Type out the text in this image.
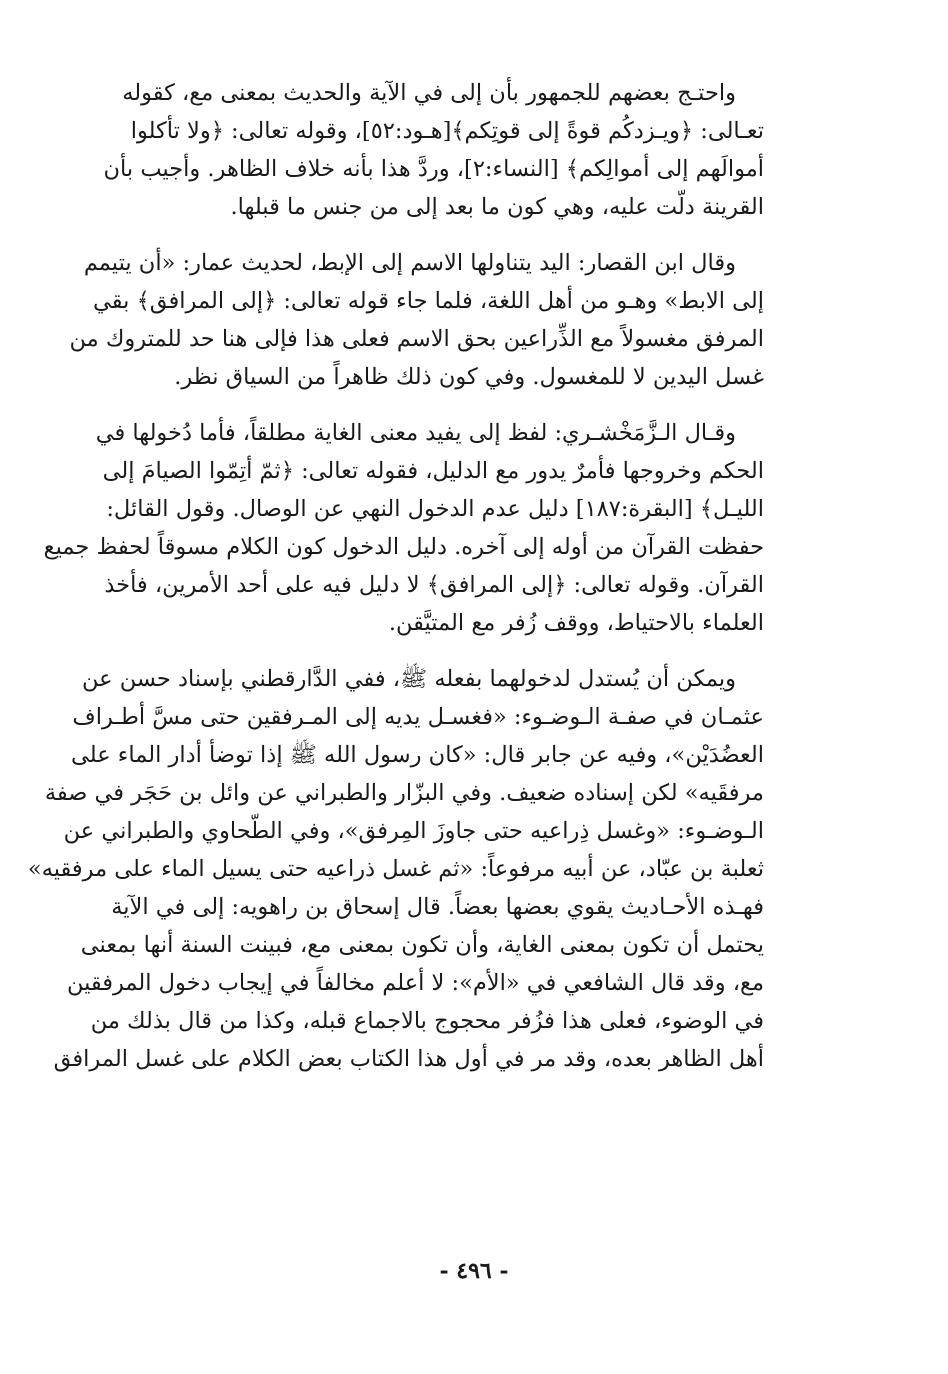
واحتـج بعضهم للجمهور بأن إلى في الآية والحديث بمعنى مع، كقوله
تعـالى: ﴿ويـزدكُم قوةً إلى قوتِكم﴾[هـود:٥٢]، وقوله تعالى: ﴿ولا تأكلوا
أموالَهم إلى أموالِكم﴾ [النساء:٢]، وردَّ هذا بأنه خلاف الظاهر. وأجيب بأن
القرينة دلّت عليه، وهي كون ما بعد إلى من جنس ما قبلها.
وقال ابن القصار: اليد يتناولها الاسم إلى الإبط، لحديث عمار: «أن يتيمم
إلى الابط» وهـو من أهل اللغة، فلما جاء قوله تعالى: ﴿إلى المرافق﴾ بقي
المرفق مغسولاً مع الذِّراعين بحق الاسم فعلى هذا فإلى هنا حد للمتروك من
غسل اليدين لا للمغسول. وفي كون ذلك ظاهراً من السياق نظر.
وقـال الـزَّمَخْشـري: لفظ إلى يفيد معنى الغاية مطلقاً، فأما دُخولها في
الحكم وخروجها فأمرٌ يدور مع الدليل، فقوله تعالى: ﴿ثمّ أتِمّوا الصيامَ إلى
الليـل﴾ [البقرة:١٨٧] دليل عدم الدخول النهي عن الوصال. وقول القائل:
حفظت القرآن من أوله إلى آخره. دليل الدخول كون الكلام مسوقاً لحفظ جميع
القرآن. وقوله تعالى: ﴿إلى المرافق﴾ لا دليل فيه على أحد الأمرين، فأخذ
العلماء بالاحتياط، ووقف زُفر مع المتيَّقن.
ويمكن أن يُستدل لدخولهما بفعله ﷺ، ففي الدَّارقطني بإسناد حسن عن
عثمـان في صفـة الـوضـوء: «فغسـل يديه إلى المـرفقين حتى مسَّ أطـراف
العضُدَيْن»، وفيه عن جابر قال: «كان رسول الله ﷺ إذا توضأ أدار الماء على
مرفقَيه» لكن إسناده ضعيف. وفي البزّار والطبراني عن وائل بن حَجَر في صفة
الـوضـوء: «وغسل ذِراعيه حتى جاوزَ المِرفق»، وفي الطّحاوي والطبراني عن
ثعلبة بن عبّاد، عن أبيه مرفوعاً: «ثم غسل ذراعيه حتى يسيل الماء على مرفقيه»
فهـذه الأحـاديث يقوي بعضها بعضاً. قال إسحاق بن راهويه: إلى في الآية
يحتمل أن تكون بمعنى الغاية، وأن تكون بمعنى مع، فبينت السنة أنها بمعنى
مع، وقد قال الشافعي في «الأم»: لا أعلم مخالفاً في إيجاب دخول المرفقين
في الوضوء، فعلى هذا فزُفر محجوج بالاجماع قبله، وكذا من قال بذلك من
أهل الظاهر بعده، وقد مر في أول هذا الكتاب بعض الكلام على غسل المرافق
- ٤٩٦ -
